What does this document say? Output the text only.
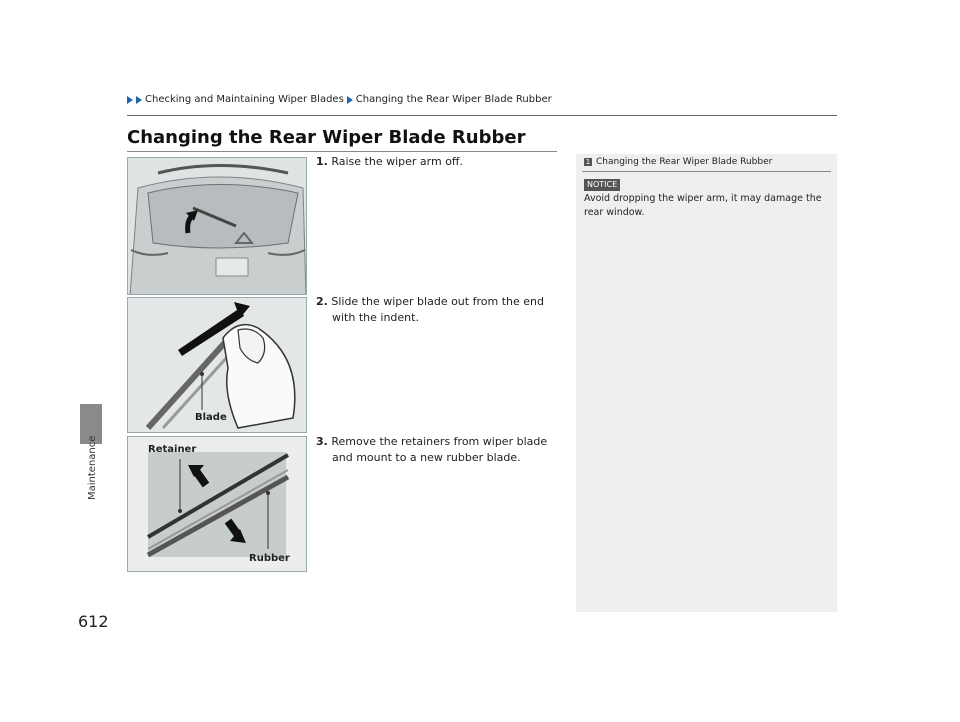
Maintenance
Checking and Maintaining Wiper Blades Changing the Rear Wiper Blade Rubber
Changing the Rear Wiper Blade Rubber
Blade
Retainer
Rubber
1. Raise the wiper arm off.
2. Slide the wiper blade out from the end with the indent.
3. Remove the retainers from wiper blade and mount to a new rubber blade.
1 Changing the Rear Wiper Blade Rubber
NOTICE
Avoid dropping the wiper arm, it may damage the rear window.
612
